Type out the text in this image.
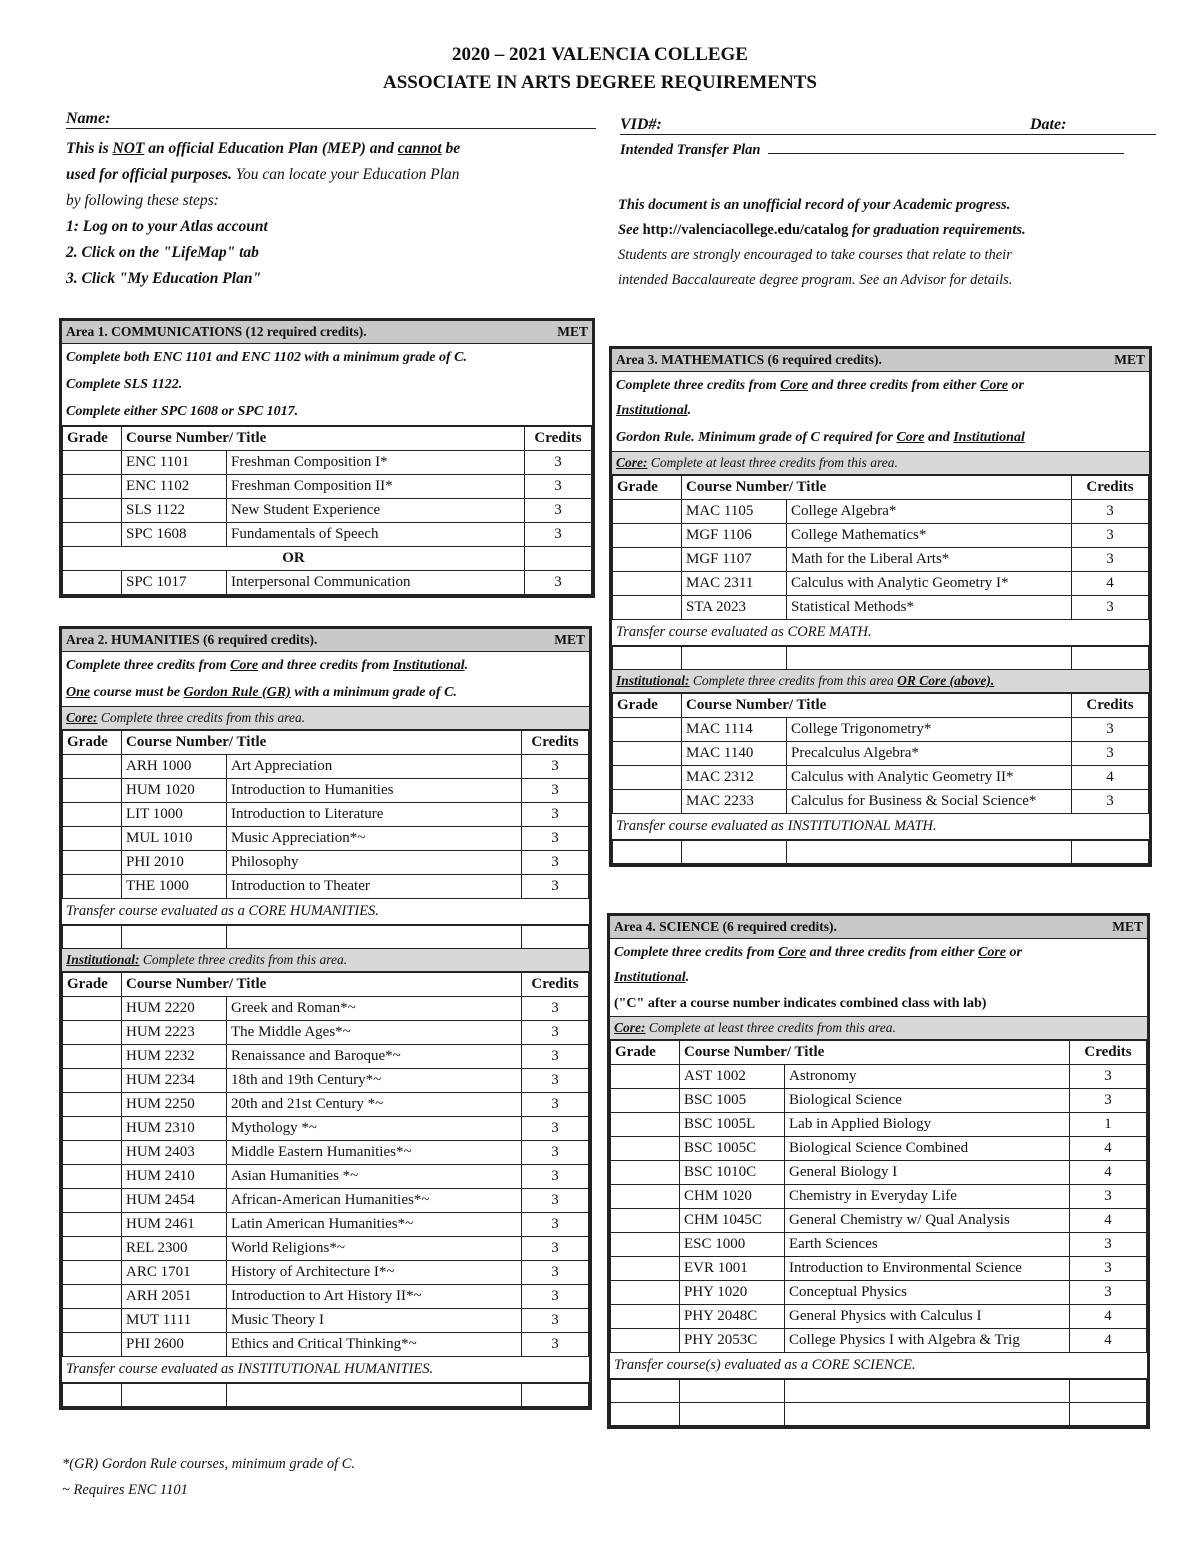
2020 – 2021 VALENCIA COLLEGE
ASSOCIATE IN ARTS DEGREE REQUIREMENTS
Name:	VID#:	Date:
Intended Transfer Plan
This is NOT an official Education Plan (MEP) and cannot be
used for official purposes. You can locate your Education Plan
by following these steps:
1: Log on to your Atlas account
2. Click on the "LifeMap" tab
3. Click "My Education Plan"
This document is an unofficial record of your Academic progress.
See http://valenciacollege.edu/catalog for graduation requirements.
Students are strongly encouraged to take courses that relate to their
intended Baccalaureate degree program. See an Advisor for details.
Area 1. COMMUNICATIONS (12 required credits).	MET
Complete both ENC 1101 and ENC 1102 with a minimum grade of C.
Complete SLS 1122.
Complete either SPC 1608 or SPC 1017.
Grade	Course Number/ Title		Credits
	ENC 1101	Freshman Composition I*	3
	ENC 1102	Freshman Composition II*	3
	SLS 1122	New Student Experience	3
	SPC 1608	Fundamentals of Speech	3
OR			
	SPC 1017	Interpersonal Communication	3
Area 2. HUMANITIES (6 required credits).	MET
Complete three credits from Core and three credits from Institutional.
One course must be Gordon Rule (GR) with a minimum grade of C.
Core: Complete three credits from this area.
Grade	Course Number/ Title		Credits
	ARH 1000	Art Appreciation	3
	HUM 1020	Introduction to Humanities	3
	LIT 1000	Introduction to Literature	3
	MUL 1010	Music Appreciation*~	3
	PHI 2010	Philosophy	3
	THE 1000	Introduction to Theater	3
Transfer course evaluated as a CORE HUMANITIES.

Institutional: Complete three credits from this area.
Grade	Course Number/ Title		Credits
	HUM 2220	Greek and Roman*~	3
	HUM 2223	The Middle Ages*~	3
	HUM 2232	Renaissance and Baroque*~	3
	HUM 2234	18th and 19th Century*~	3
	HUM 2250	20th and 21st Century *~	3
	HUM 2310	Mythology *~	3
	HUM 2403	Middle Eastern Humanities*~	3
	HUM 2410	Asian Humanities *~	3
	HUM 2454	African-American Humanities*~	3
	HUM 2461	Latin American Humanities*~	3
	REL 2300	World Religions*~	3
	ARC 1701	History of Architecture I*~	3
	ARH 2051	Introduction to Art History II*~	3
	MUT 1111	Music Theory I	3
	PHI 2600	Ethics and Critical Thinking*~	3
Transfer course evaluated as INSTITUTIONAL HUMANITIES.

Area 3. MATHEMATICS (6 required credits).	MET
Complete three credits from Core and three credits from either Core or
Institutional.
Gordon Rule. Minimum grade of C required for Core and Institutional
Core: Complete at least three credits from this area.
Grade	Course Number/ Title		Credits
	MAC 1105	College Algebra*	3
	MGF 1106	College Mathematics*	3
	MGF 1107	Math for the Liberal Arts*	3
	MAC 2311	Calculus with Analytic Geometry I*	4
	STA 2023	Statistical Methods*	3
Transfer course evaluated as CORE MATH.

Institutional: Complete three credits from this area OR Core (above).
Grade	Course Number/ Title		Credits
	MAC 1114	College Trigonometry*	3
	MAC 1140	Precalculus Algebra*	3
	MAC 2312	Calculus with Analytic Geometry II*	4
	MAC 2233	Calculus for Business & Social Science*	3
Transfer course evaluated as INSTITUTIONAL MATH.

Area 4. SCIENCE (6 required credits).	MET
Complete three credits from Core and three credits from either Core or
Institutional.
("C" after a course number indicates combined class with lab)
Core: Complete at least three credits from this area.
Grade	Course Number/ Title		Credits
	AST 1002	Astronomy	3
	BSC 1005	Biological Science	3
	BSC 1005L	Lab in Applied Biology	1
	BSC 1005C	Biological Science Combined	4
	BSC 1010C	General Biology I	4
	CHM 1020	Chemistry in Everyday Life	3
	CHM 1045C	General Chemistry w/ Qual Analysis	4
	ESC 1000	Earth Sciences	3
	EVR 1001	Introduction to Environmental Science	3
	PHY 1020	Conceptual Physics	3
	PHY 2048C	General Physics with Calculus I	4
	PHY 2053C	College Physics I with Algebra & Trig	4
Transfer course(s) evaluated as a CORE SCIENCE.

*(GR) Gordon Rule courses, minimum grade of C.
~ Requires ENC 1101
